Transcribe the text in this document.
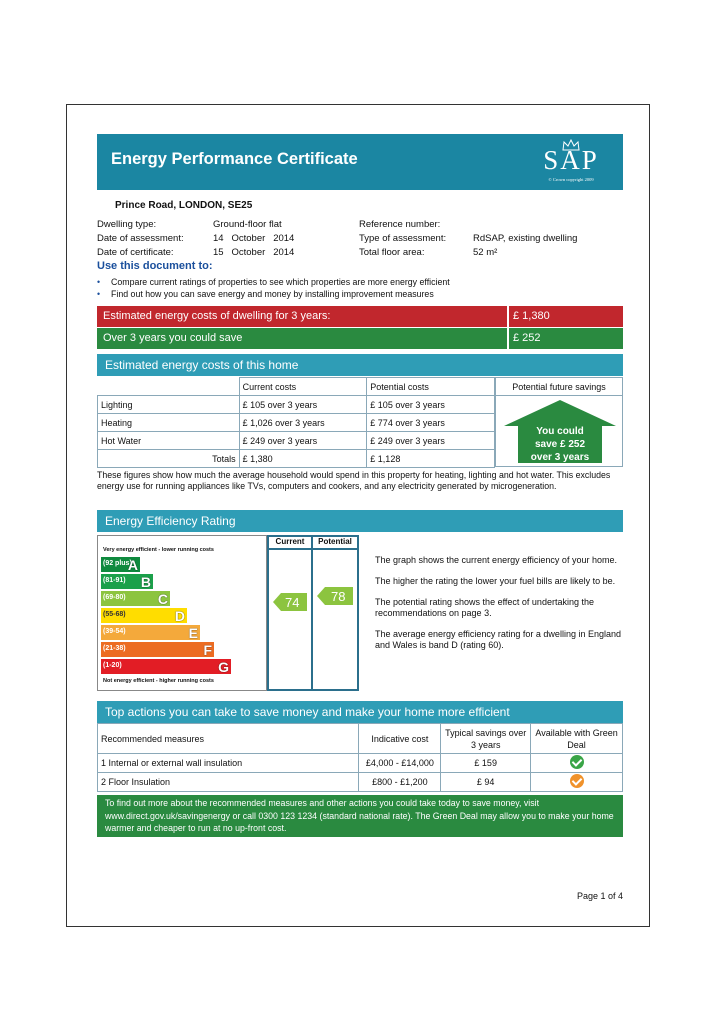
Energy Performance Certificate	SAP
© Crown copyright 2009
Prince Road, LONDON, SE25
Dwelling type:	Ground-floor flat
Date of assessment:	14   October   2014
Date of certificate:	15   October   2014
Reference number:
Type of assessment:	RdSAP, existing dwelling
Total floor area:	52 m²
Use this document to:
• Compare current ratings of properties to see which properties are more energy efficient
• Find out how you can save energy and money by installing improvement measures
Estimated energy costs of dwelling for 3 years:	£ 1,380
Over 3 years you could save	£ 252
Estimated energy costs of this home
	Current costs	Potential costs
Lighting	£ 105 over 3 years	£ 105 over 3 years
Heating	£ 1,026 over 3 years	£ 774 over 3 years
Hot Water	£ 249 over 3 years	£ 249 over 3 years
Totals	£ 1,380	£ 1,128
Potential future savings
You could
save £ 252
over 3 years
These figures show how much the average household would spend in this property for heating, lighting and hot water. This excludes energy use for running appliances like TVs, computers and cookers, and any electricity generated by microgeneration.
Energy Efficiency Rating
Very energy efficient - lower running costs
(92 plus)
A
(81-91) B
(69-80) C
(55-68)	D
(39-54)	E
(21-38)	F
(1-20)	G
Not energy efficient - higher running costs
Current	Potential
74 78
The graph shows the current energy efficiency of your home.
The higher the rating the lower your fuel bills are likely to be.
The potential rating shows the effect of undertaking the recommendations on page 3.
The average energy efficiency rating for a dwelling in England and Wales is band D (rating 60).
Top actions you can take to save money and make your home more efficient
Recommended measures	Indicative cost	Typical savings over 3 years	Available with Green Deal
1 Internal or external wall insulation	£4,000 - £14,000	£ 159	
2 Floor Insulation	£800 - £1,200	£ 94	
To find out more about the recommended measures and other actions you could take today to save money, visit www.direct.gov.uk/savingenergy or call 0300 123 1234 (standard national rate). The Green Deal may allow you to make your home warmer and cheaper to run at no up-front cost.
Page 1 of 4
